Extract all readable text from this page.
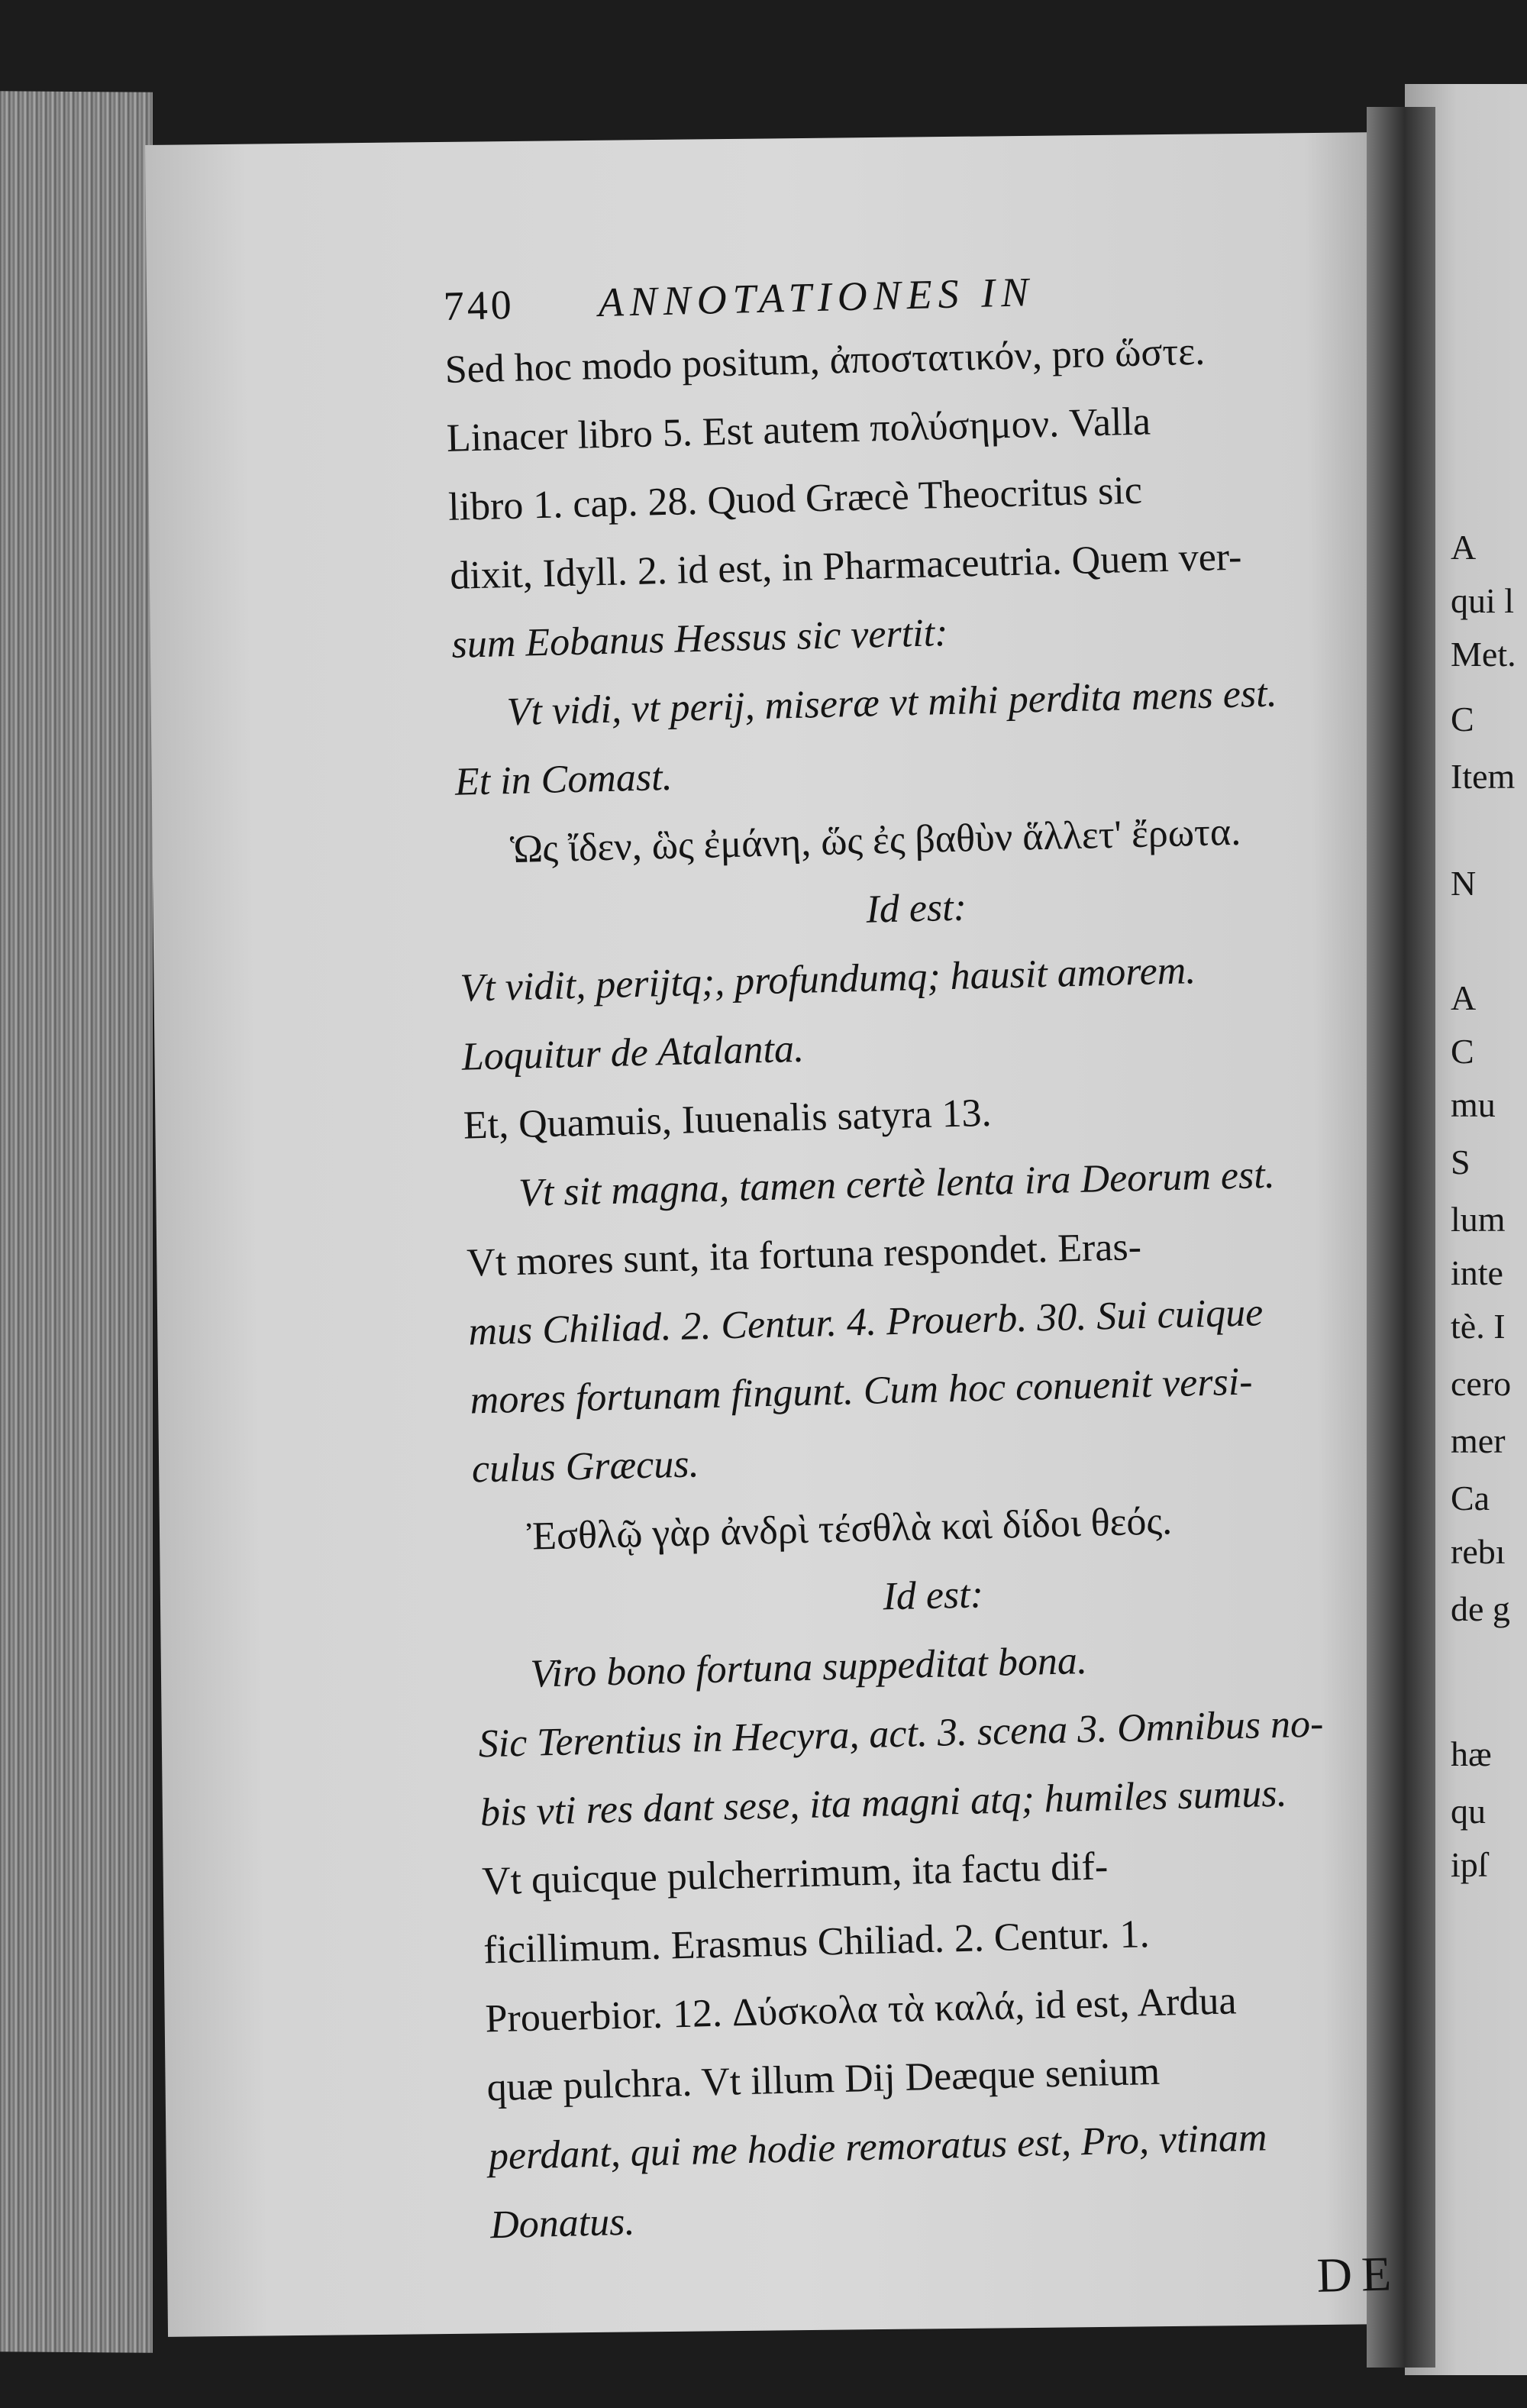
740 ANNOTATIONES IN
Sed hoc modo positum, ἀποστατικόν, pro ὥστε.
Linacer libro 5. Est autem πολύσημον. Valla
libro 1. cap. 28. Quod Græcè Theocritus sic
dixit, Idyll. 2. id est, in Pharmaceutria. Quem ver-
sum Eobanus Hessus sic vertit:
Vt vidi, vt perij, miseræ vt mihi perdita mens est.
Et in Comast.
Ὡς ἴδεν, ὣς ἐμάνη, ὥς ἐς βαθὺν ἅλλετ' ἔρωτα.
Id est:
Vt vidit, perijtq;, profundumq; hausit amorem.
Loquitur de Atalanta.
Et, Quamuis, Iuuenalis satyra 13.
Vt sit magna, tamen certè lenta ira Deorum est.
Vt mores sunt, ita fortuna respondet. Eras-
mus Chiliad. 2. Centur. 4. Prouerb. 30. Sui cuique
mores fortunam fingunt. Cum hoc conuenit versi-
culus Græcus.
Ἐσθλῷ γὰρ ἀνδρὶ τέσθλὰ καὶ δίδοι θεός.
Id est:
Viro bono fortuna suppeditat bona.
Sic Terentius in Hecyra, act. 3. scena 3. Omnibus no-
bis vti res dant sese, ita magni atq; humiles sumus.
Vt quicque pulcherrimum, ita factu dif-
ficillimum. Erasmus Chiliad. 2. Centur. 1.
Prouerbior. 12. Δύσκολα τὰ καλά, id est, Ardua
quæ pulchra. Vt illum Dij Deæque senium
perdant, qui me hodie remoratus est, Pro, vtinam
Donatus.
DE
A
qui l
Met.
C
Item
N
A
C
mu
S
lum
inte
tè. I
cero
mer
Ca
rebı
de g
hæ
qu
ipſ
